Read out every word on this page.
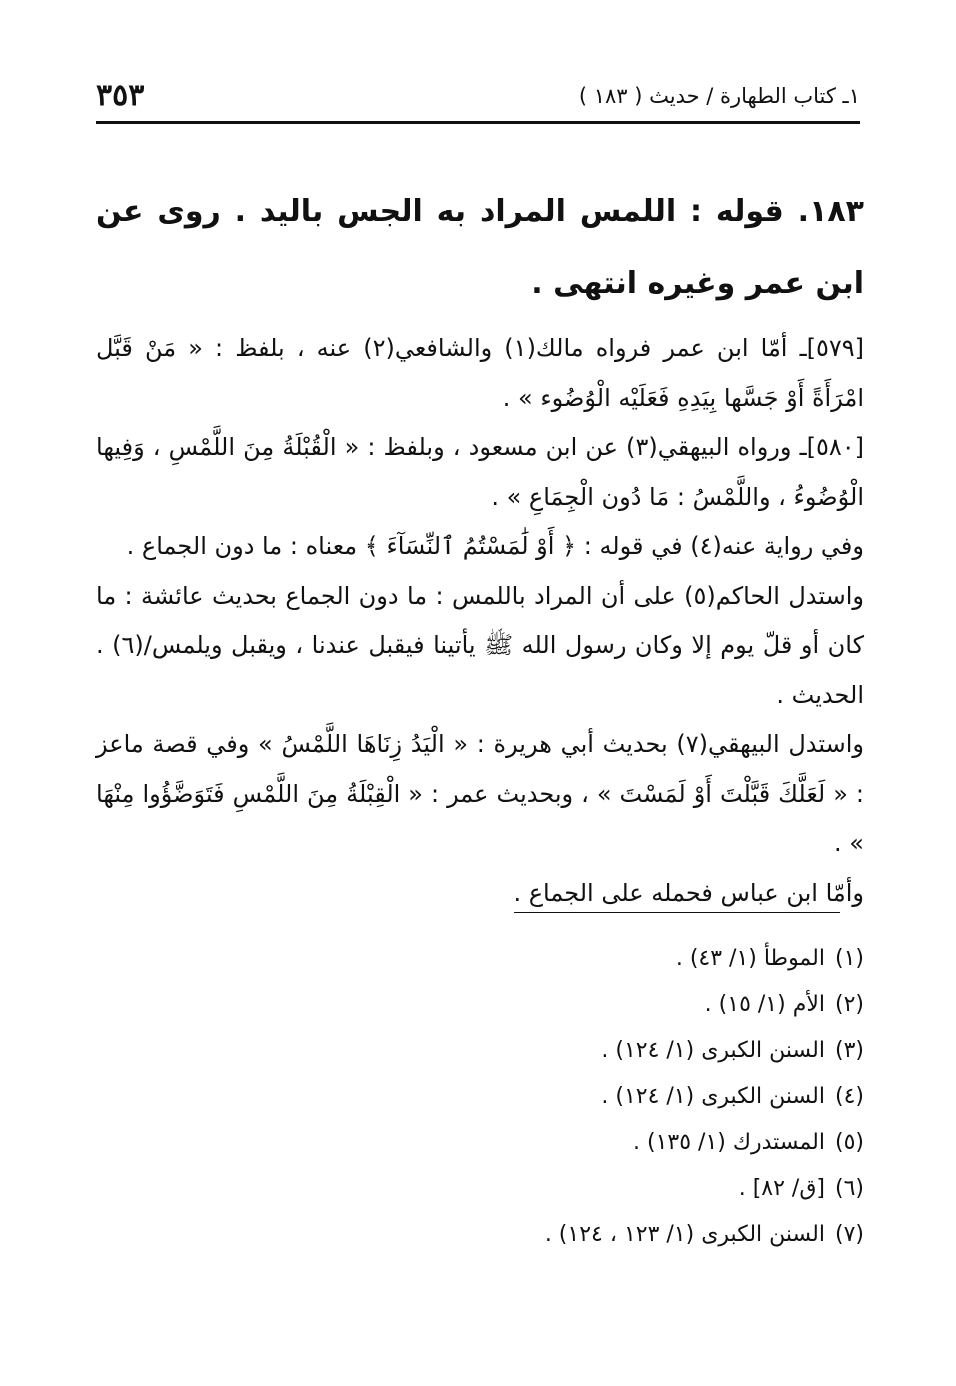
١ـ كتاب الطهارة / حديث ( ١٨٣ )
٣٥٣

١٨٣. قوله : اللمس المراد به الجس باليد . روى عن ابن عمر وغيره انتهى .

[٥٧٩]ـ أمّا ابن عمر فرواه مالك(١) والشافعي(٢) عنه ، بلفظ : « مَنْ قَبَّل امْرَأَةً أَوْ جَسَّها بِيَدِهِ فَعَلَيْه الْوُضُوء » .

[٥٨٠]ـ ورواه البيهقي(٣) عن ابن مسعود ، وبلفظ : « الْقُبْلَةُ مِنَ اللَّمْسِ ، وَفِيها الْوُضُوءُ ، واللَّمْسُ : مَا دُون الْجِمَاعِ » .

وفي رواية عنه(٤) في قوله : ﴿ أَوْ لَٰمَسْتُمُ ٱلنِّسَآءَ ﴾ معناه : ما دون الجماع .

واستدل الحاكم(٥) على أن المراد باللمس : ما دون الجماع بحديث عائشة : ما كان أو قلّ يوم إلا وكان رسول الله ﷺ يأتينا فيقبل عندنا ، ويقبل ويلمس/(٦) . الحديث .

واستدل البيهقي(٧) بحديث أبي هريرة : « الْيَدُ زِنَاهَا اللَّمْسُ » وفي قصة ماعز : « لَعَلَّكَ قَبَّلْتَ أَوْ لَمَسْتَ » ، وبحديث عمر : « الْقِبْلَةُ مِنَ اللَّمْسِ فَتَوَضَّؤُوا مِنْهَا » .

وأمّا ابن عباس فحمله على الجماع .

(١)الموطأ (١/ ٤٣) .

(٢)الأم (١/ ١٥) .

(٣)السنن الكبرى (١/ ١٢٤) .

(٤)السنن الكبرى (١/ ١٢٤) .

(٥)المستدرك (١/ ١٣٥) .

(٦)[ق/ ٨٢] .

(٧)السنن الكبرى (١/ ١٢٣ ، ١٢٤) .
